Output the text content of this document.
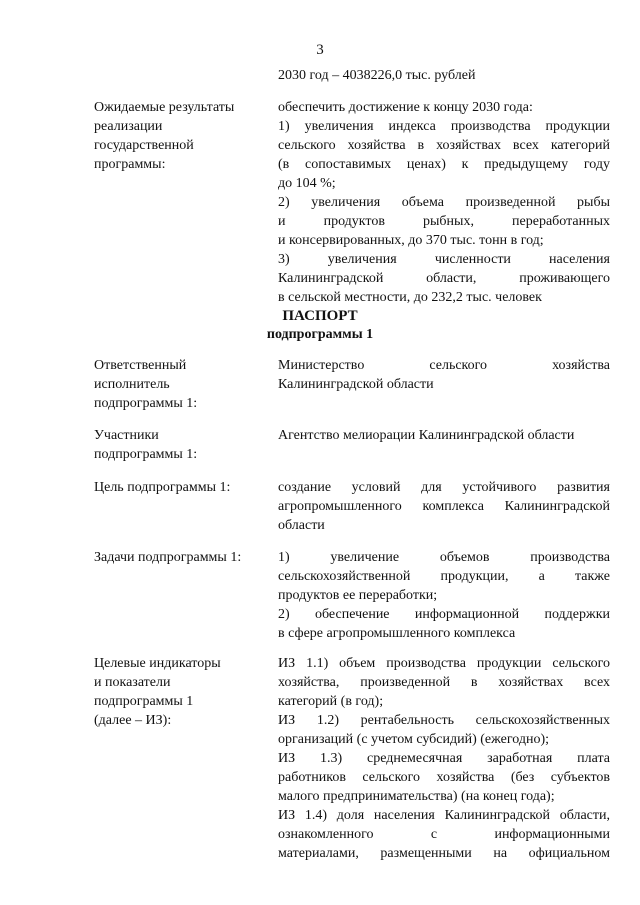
3
2030 год – 4038226,0 тыс. рублей
Ожидаемые результаты
реализации
государственной
программы:
обеспечить достижение к концу 2030 года:
1) увеличения индекса производства продукции
сельского хозяйства в хозяйствах всех категорий
(в сопоставимых ценах) к предыдущему году
до 104 %;
2) увеличения объема произведенной рыбы
и продуктов рыбных, переработанных
и консервированных, до 370 тыс. тонн в год;
3) увеличения численности населения
Калининградской области, проживающего
в сельской местности, до 232,2 тыс. человек
ПАСПОРТ
подпрограммы 1
Ответственный
исполнитель
подпрограммы 1:
Министерство сельского хозяйства
Калининградской области
Участники
подпрограммы 1:
Агентство мелиорации Калининградской области
Цель подпрограммы 1:	создание условий для устойчивого развития
агропромышленного комплекса Калининградской
области
Задачи подпрограммы 1:	1) увеличение объемов производства
сельскохозяйственной продукции, а также
продуктов ее переработки;
2) обеспечение информационной поддержки
в сфере агропромышленного комплекса
Целевые индикаторы
и показатели
подпрограммы 1
(далее – ИЗ):
ИЗ 1.1) объем производства продукции сельского
хозяйства, произведенной в хозяйствах всех
категорий (в год);
ИЗ 1.2) рентабельность сельскохозяйственных
организаций (с учетом субсидий) (ежегодно);
ИЗ 1.3) среднемесячная заработная плата
работников сельского хозяйства (без субъектов
малого предпринимательства) (на конец года);
ИЗ 1.4) доля населения Калининградской области,
ознакомленного с информационными
материалами, размещенными на официальном
